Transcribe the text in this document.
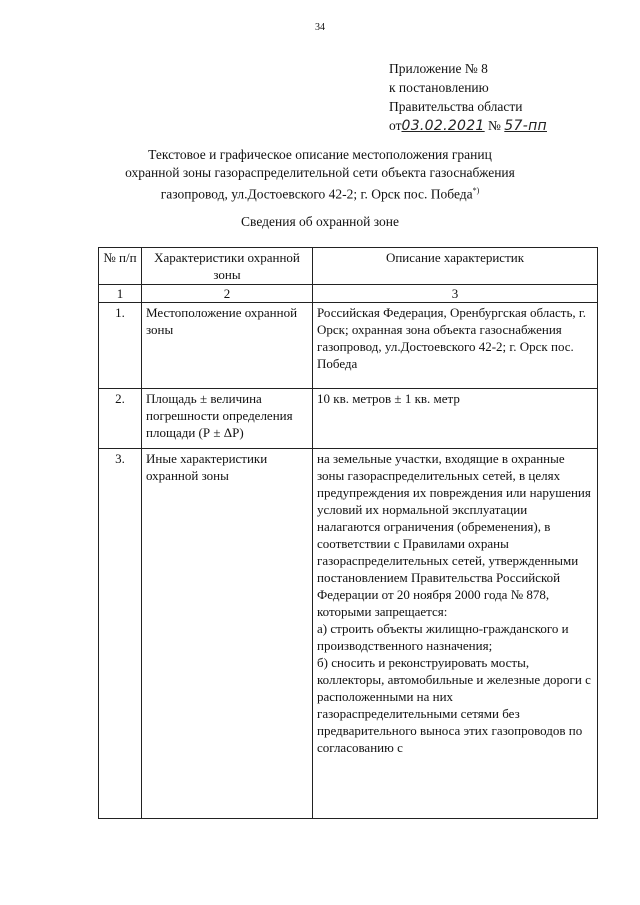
34
Приложение № 8
к постановлению
Правительства области
от03.02.2021 № 57-пп
Текстовое и графическое описание местоположения границ
охранной зоны газораспределительной сети объекта газоснабжения
газопровод, ул.Достоевского 42-2; г. Орск пос. Победа*)
Сведения об охранной зоне
№ п/п	Характеристики охранной зоны	Описание характеристик
1	2	3
1.	Местоположение охранной зоны	Российская Федерация, Оренбургская область, г. Орск; охранная зона объекта газоснабжения газопровод, ул.Достоевского 42-2; г. Орск пос. Победа
2.	Площадь ± величина погрешности определения площади (Р ± ΔР)	10 кв. метров ± 1 кв. метр
3.	Иные характеристики охранной зоны	на земельные участки, входящие в охранные зоны газораспределительных сетей, в целях предупреждения их повреждения или нарушения условий их нормальной эксплуатации налагаются ограничения (обременения), в соответствии с Правилами охраны газораспределительных сетей, утвержденными постановлением Правительства Российской Федерации от 20 ноября 2000 года № 878, которыми запрещается:
а) строить объекты жилищно-гражданского и производственного назначения;
б) сносить и реконструировать мосты, коллекторы, автомобильные и железные дороги с расположенными на них газораспределительными сетями без предварительного выноса этих газопроводов по согласованию с
